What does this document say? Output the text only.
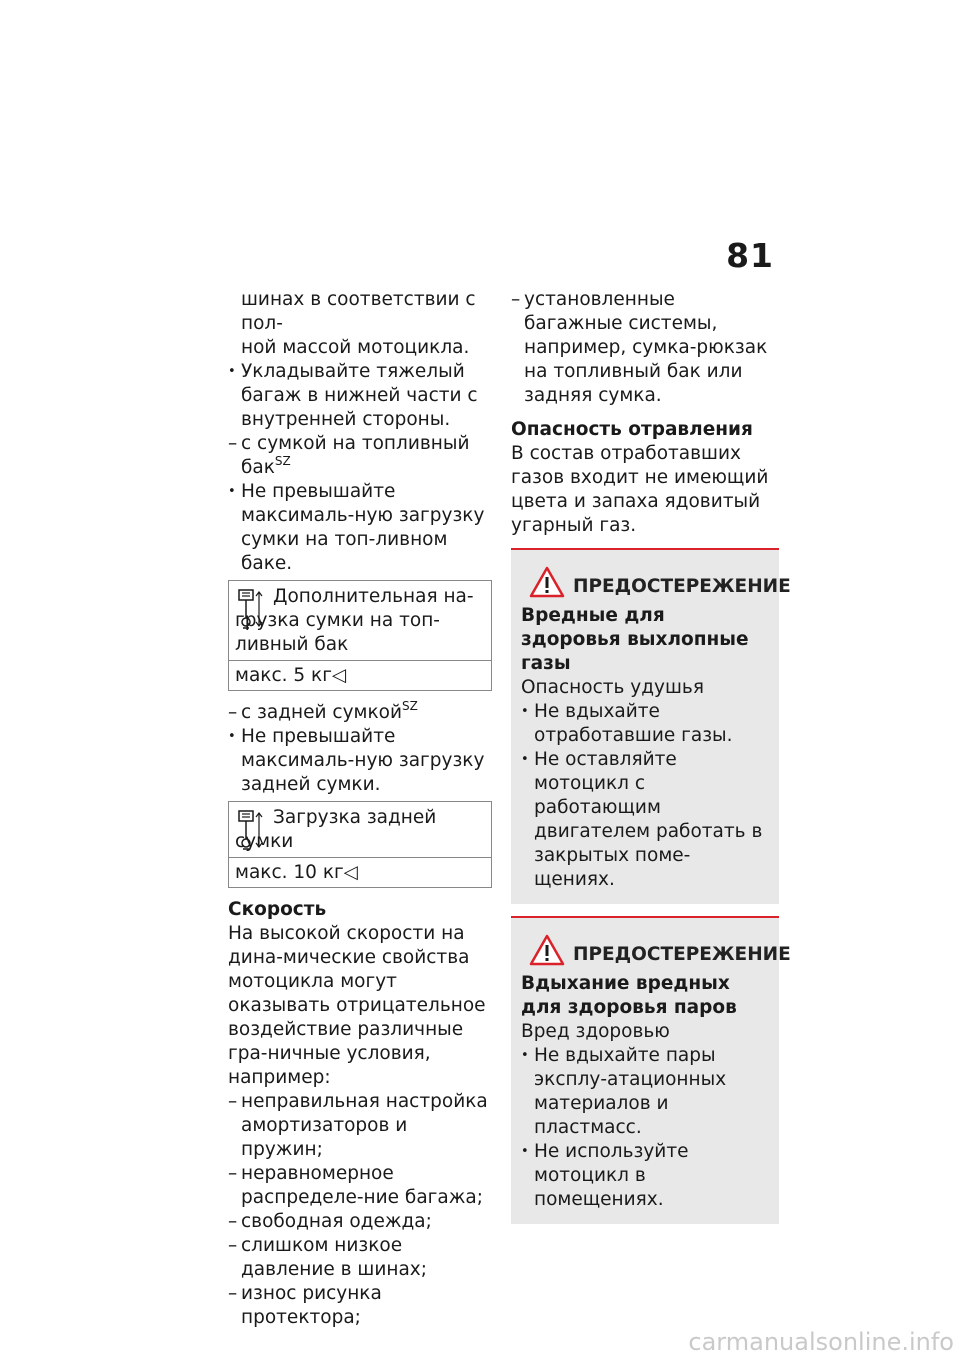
81

шинах в соответствии с пол-

ной массой мотоцикла.

• Укладывайте тяжелый багаж в нижней части с внутренней стороны.

– с сумкой на топливный бак$^{SZ}$

• Не превышайте максималь-ную загрузку сумки на топ-ливном баке.

Дополнительная на-грузка сумки на топ-ливный бак
макс. 5 кг◁

– с задней сумкой$^{SZ}$

• Не превышайте максималь-ную загрузку задней сумки.

Загрузка задней сумки
макс. 10 кг◁

Скорость

На высокой скорости на дина-мические свойства мотоцикла могут оказывать отрицательное воздействие различные гра-ничные условия, например:

– неправильная настройка амортизаторов и пружин;

– неравномерное распределе-ние багажа;

– свободная одежда;

– слишком низкое давление в шинах;

– износ рисунка протектора;

– установленные багажные системы, например, сумка-рюкзак на топливный бак или задняя сумка.

Опасность отравления

В состав отработавших газов входит не имеющий цвета и запаха ядовитый угарный газ.

ПРЕДОСТЕРЕЖЕНИЕ

Вредные для здоровья выхлопные газы

Опасность удушья

• Не вдыхайте отработавшие газы.

• Не оставляйте мотоцикл с работающим двигателем работать в закрытых поме-щениях.

ПРЕДОСТЕРЕЖЕНИЕ

Вдыхание вредных для здоровья паров

Вред здоровью

• Не вдыхайте пары эксплу-атационных материалов и пластмасс.

• Не используйте мотоцикл в помещениях.

carmanualsonline.info
